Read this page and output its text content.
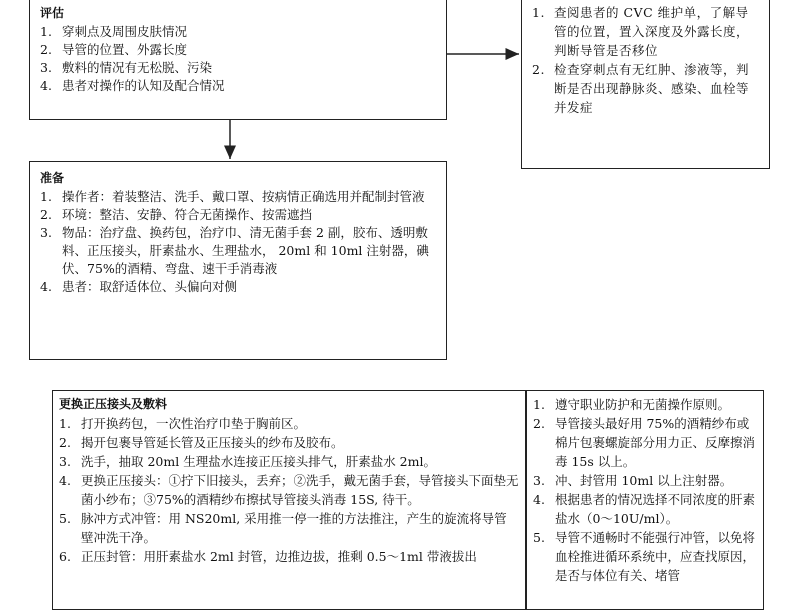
评估
1. 穿刺点及周围皮肤情况
2. 导管的位置、外露长度
3. 敷料的情况有无松脱、污染
4. 患者对操作的认知及配合情况
1. 查阅患者的 CVC 维护单，了解导管的位置，置入深度及外露长度，判断导管是否移位
2. 检查穿刺点有无红肿、渗液等，判断是否出现静脉炎、感染、血栓等并发症
准备
1. 操作者：着装整洁、洗手、戴口罩、按病情正确选用并配制封管液
2. 环境：整洁、安静、符合无菌操作、按需遮挡
3. 物品：治疗盘、换药包，治疗巾、清无菌手套 2 副，胶布、透明敷料、正压接头，肝素盐水、生理盐水， 20ml 和 10ml 注射器，碘伏、75%的酒精、弯盘、速干手消毒液
4. 患者：取舒适体位、头偏向对侧
更换正压接头及敷料
1. 打开换药包，一次性治疗巾垫于胸前区。
2. 揭开包裹导管延长管及正压接头的纱布及胶布。
3. 洗手，抽取 20ml 生理盐水连接正压接头排气，肝素盐水 2ml。
4. 更换正压接头：①拧下旧接头，丢弃；②洗手，戴无菌手套，导管接头下面垫无菌小纱布；③75%的酒精纱布擦拭导管接头消毒 15S, 待干。
5. 脉冲方式冲管：用 NS20ml, 采用推一停一推的方法推注，产生的旋流将导管壁冲洗干净。
6. 正压封管：用肝素盐水 2ml 封管，边推边拔，推剩 0.5～1ml 带液拔出
1. 遵守职业防护和无菌操作原则。
2. 导管接头最好用 75%的酒精纱布或棉片包裹螺旋部分用力正、反摩擦消毒 15s 以上。
3. 冲、封管用 10ml 以上注射器。
4. 根据患者的情况选择不同浓度的肝素盐水（0～10U/ml）。
5. 导管不通畅时不能强行冲管，以免将血栓推进循环系统中，应查找原因，是否与体位有关、堵管
